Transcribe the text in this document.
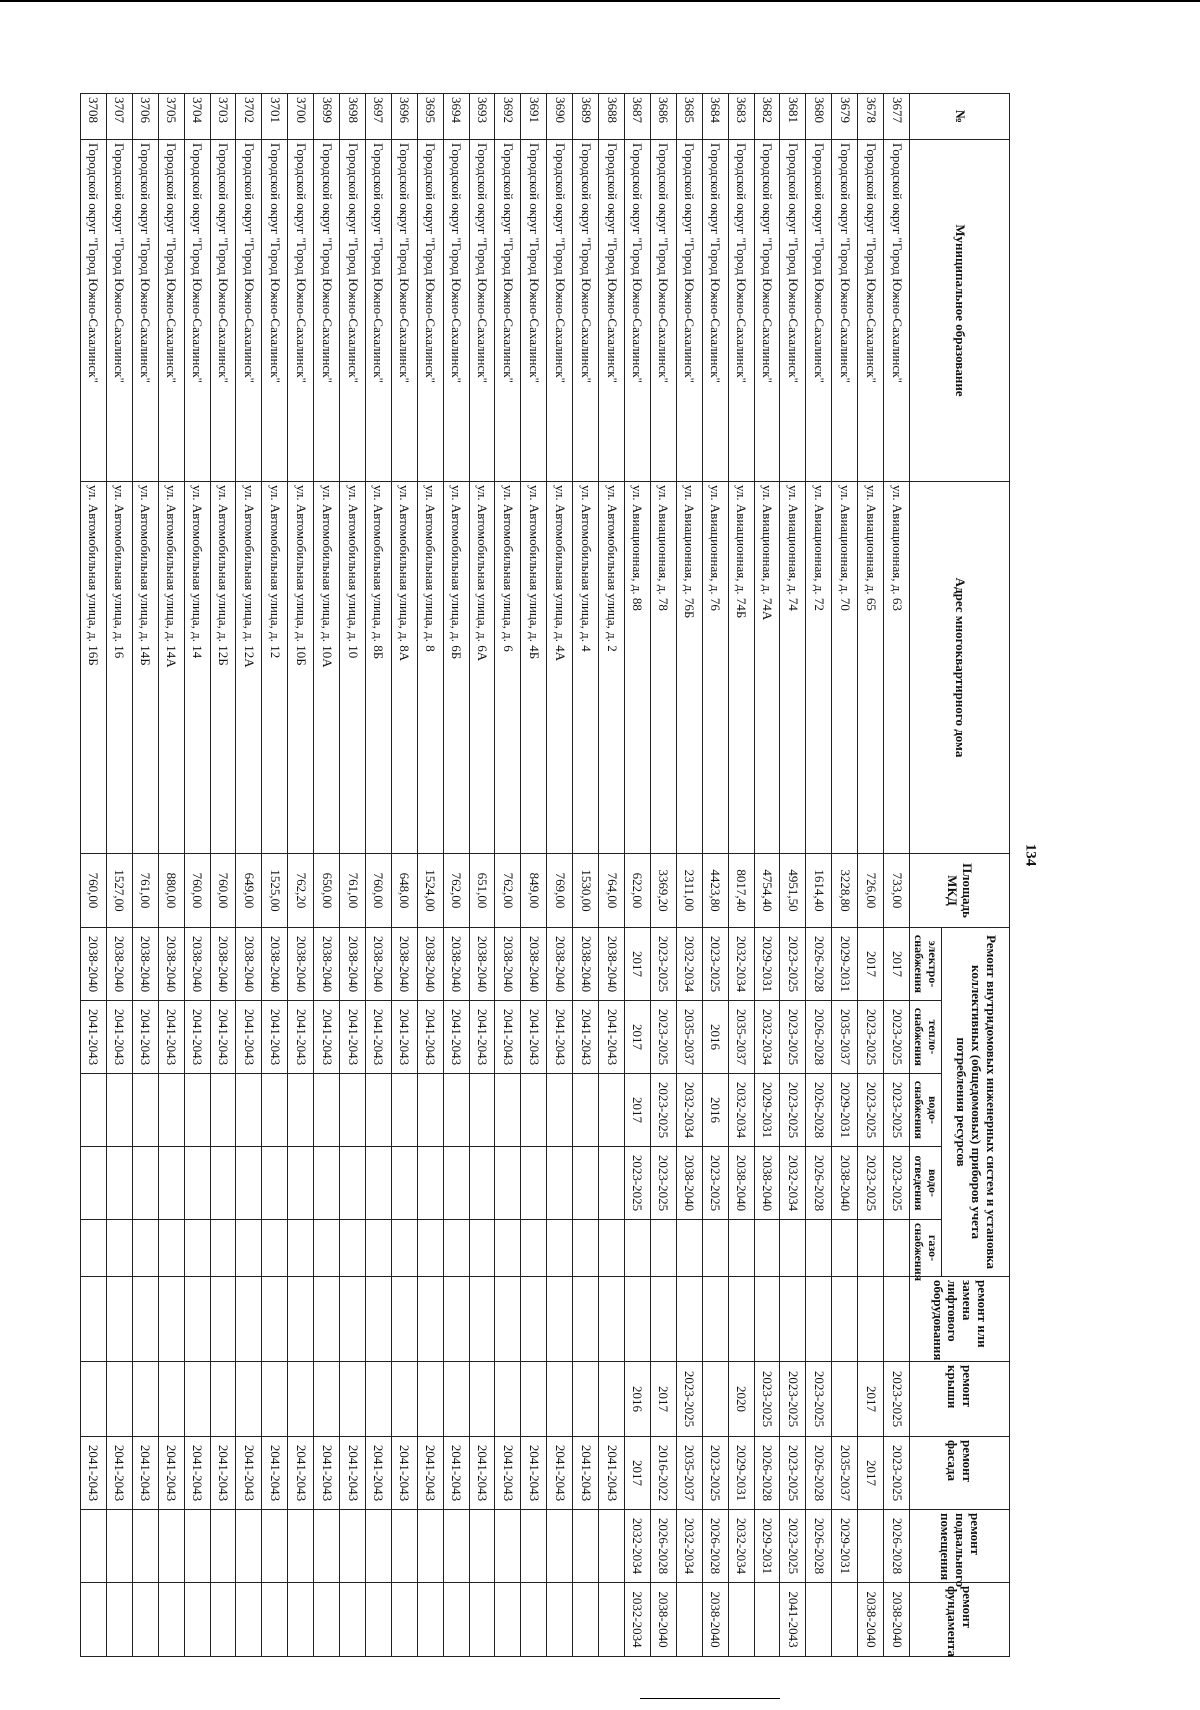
134
№	Муниципальное образование	Адрес многоквартирного дома	Площадь МКД	Ремонт внутридомовых инженерных систем и установка коллективных (общедомовых) приборов учета потребления ресурсов					ремонт или замена лифтового оборудования	ремонт крыши	ремонт фасада	ремонт подвального помещения	ремонт фундамента
				электро-снабжения	тепло-снабжения	водо-снабжения	водо-отведения	газо-снабжения					
3677	Городской округ "Город Южно-Сахалинск"	ул. Авиационная, д. 63	733,00	2017	2023-2025	2023-2025	2023-2025			2023-2025	2023-2025	2026-2028	2038-2040
3678	Городской округ "Город Южно-Сахалинск"	ул. Авиационная, д. 65	726,00	2017	2023-2025	2023-2025	2023-2025			2017	2017		2038-2040
3679	Городской округ "Город Южно-Сахалинск"	ул. Авиационная, д. 70	3228,80	2029-2031	2035-2037	2029-2031	2038-2040				2035-2037	2029-2031	
3680	Городской округ "Город Южно-Сахалинск"	ул. Авиационная, д. 72	1614,40	2026-2028	2026-2028	2026-2028	2026-2028			2023-2025	2026-2028	2026-2028	
3681	Городской округ "Город Южно-Сахалинск"	ул. Авиационная, д. 74	4951,50	2023-2025	2023-2025	2023-2025	2032-2034			2023-2025	2023-2025	2023-2025	2041-2043
3682	Городской округ "Город Южно-Сахалинск"	ул. Авиационная, д. 74А	4754,40	2029-2031	2032-2034	2029-2031	2038-2040			2023-2025	2026-2028	2029-2031	
3683	Городской округ "Город Южно-Сахалинск"	ул. Авиационная, д. 74Б	8017,40	2032-2034	2035-2037	2032-2034	2038-2040			2020	2029-2031	2032-2034	
3684	Городской округ "Город Южно-Сахалинск"	ул. Авиационная, д. 76	4423,80	2023-2025	2016	2016	2023-2025				2023-2025	2026-2028	2038-2040
3685	Городской округ "Город Южно-Сахалинск"	ул. Авиационная, д. 76Б	2311,00	2032-2034	2035-2037	2032-2034	2038-2040			2023-2025	2035-2037	2032-2034	
3686	Городской округ "Город Южно-Сахалинск"	ул. Авиационная, д. 78	3369,20	2023-2025	2023-2025	2023-2025	2023-2025			2017	2016-2022	2026-2028	2038-2040
3687	Городской округ "Город Южно-Сахалинск"	ул. Авиационная, д. 88	622,00	2017	2017	2017	2023-2025			2016	2017	2032-2034	2032-2034
3688	Городской округ "Город Южно-Сахалинск"	ул. Автомобильная улица, д. 2	764,00	2038-2040	2041-2043						2041-2043		
3689	Городской округ "Город Южно-Сахалинск"	ул. Автомобильная улица, д. 4	1530,00	2038-2040	2041-2043						2041-2043		
3690	Городской округ "Город Южно-Сахалинск"	ул. Автомобильная улица, д. 4А	769,00	2038-2040	2041-2043						2041-2043		
3691	Городской округ "Город Южно-Сахалинск"	ул. Автомобильная улица, д. 4Б	849,00	2038-2040	2041-2043						2041-2043		
3692	Городской округ "Город Южно-Сахалинск"	ул. Автомобильная улица, д. 6	762,00	2038-2040	2041-2043						2041-2043		
3693	Городской округ "Город Южно-Сахалинск"	ул. Автомобильная улица, д. 6А	651,00	2038-2040	2041-2043						2041-2043		
3694	Городской округ "Город Южно-Сахалинск"	ул. Автомобильная улица, д. 6Б	762,00	2038-2040	2041-2043						2041-2043		
3695	Городской округ "Город Южно-Сахалинск"	ул. Автомобильная улица, д. 8	1524,00	2038-2040	2041-2043						2041-2043		
3696	Городской округ "Город Южно-Сахалинск"	ул. Автомобильная улица, д. 8А	648,00	2038-2040	2041-2043						2041-2043		
3697	Городской округ "Город Южно-Сахалинск"	ул. Автомобильная улица, д. 8Б	760,00	2038-2040	2041-2043						2041-2043		
3698	Городской округ "Город Южно-Сахалинск"	ул. Автомобильная улица, д. 10	761,00	2038-2040	2041-2043						2041-2043		
3699	Городской округ "Город Южно-Сахалинск"	ул. Автомобильная улица, д. 10А	650,00	2038-2040	2041-2043						2041-2043		
3700	Городской округ "Город Южно-Сахалинск"	ул. Автомобильная улица, д. 10Б	762,20	2038-2040	2041-2043						2041-2043		
3701	Городской округ "Город Южно-Сахалинск"	ул. Автомобильная улица, д. 12	1525,00	2038-2040	2041-2043						2041-2043		
3702	Городской округ "Город Южно-Сахалинск"	ул. Автомобильная улица, д. 12А	649,00	2038-2040	2041-2043						2041-2043		
3703	Городской округ "Город Южно-Сахалинск"	ул. Автомобильная улица, д. 12Б	760,00	2038-2040	2041-2043						2041-2043		
3704	Городской округ "Город Южно-Сахалинск"	ул. Автомобильная улица, д. 14	760,00	2038-2040	2041-2043						2041-2043		
3705	Городской округ "Город Южно-Сахалинск"	ул. Автомобильная улица, д. 14А	880,00	2038-2040	2041-2043						2041-2043		
3706	Городской округ "Город Южно-Сахалинск"	ул. Автомобильная улица, д. 14Б	761,00	2038-2040	2041-2043						2041-2043		
3707	Городской округ "Город Южно-Сахалинск"	ул. Автомобильная улица, д. 16	1527,00	2038-2040	2041-2043						2041-2043		
3708	Городской округ "Город Южно-Сахалинск"	ул. Автомобильная улица, д. 16Б	760,00	2038-2040	2041-2043						2041-2043		
